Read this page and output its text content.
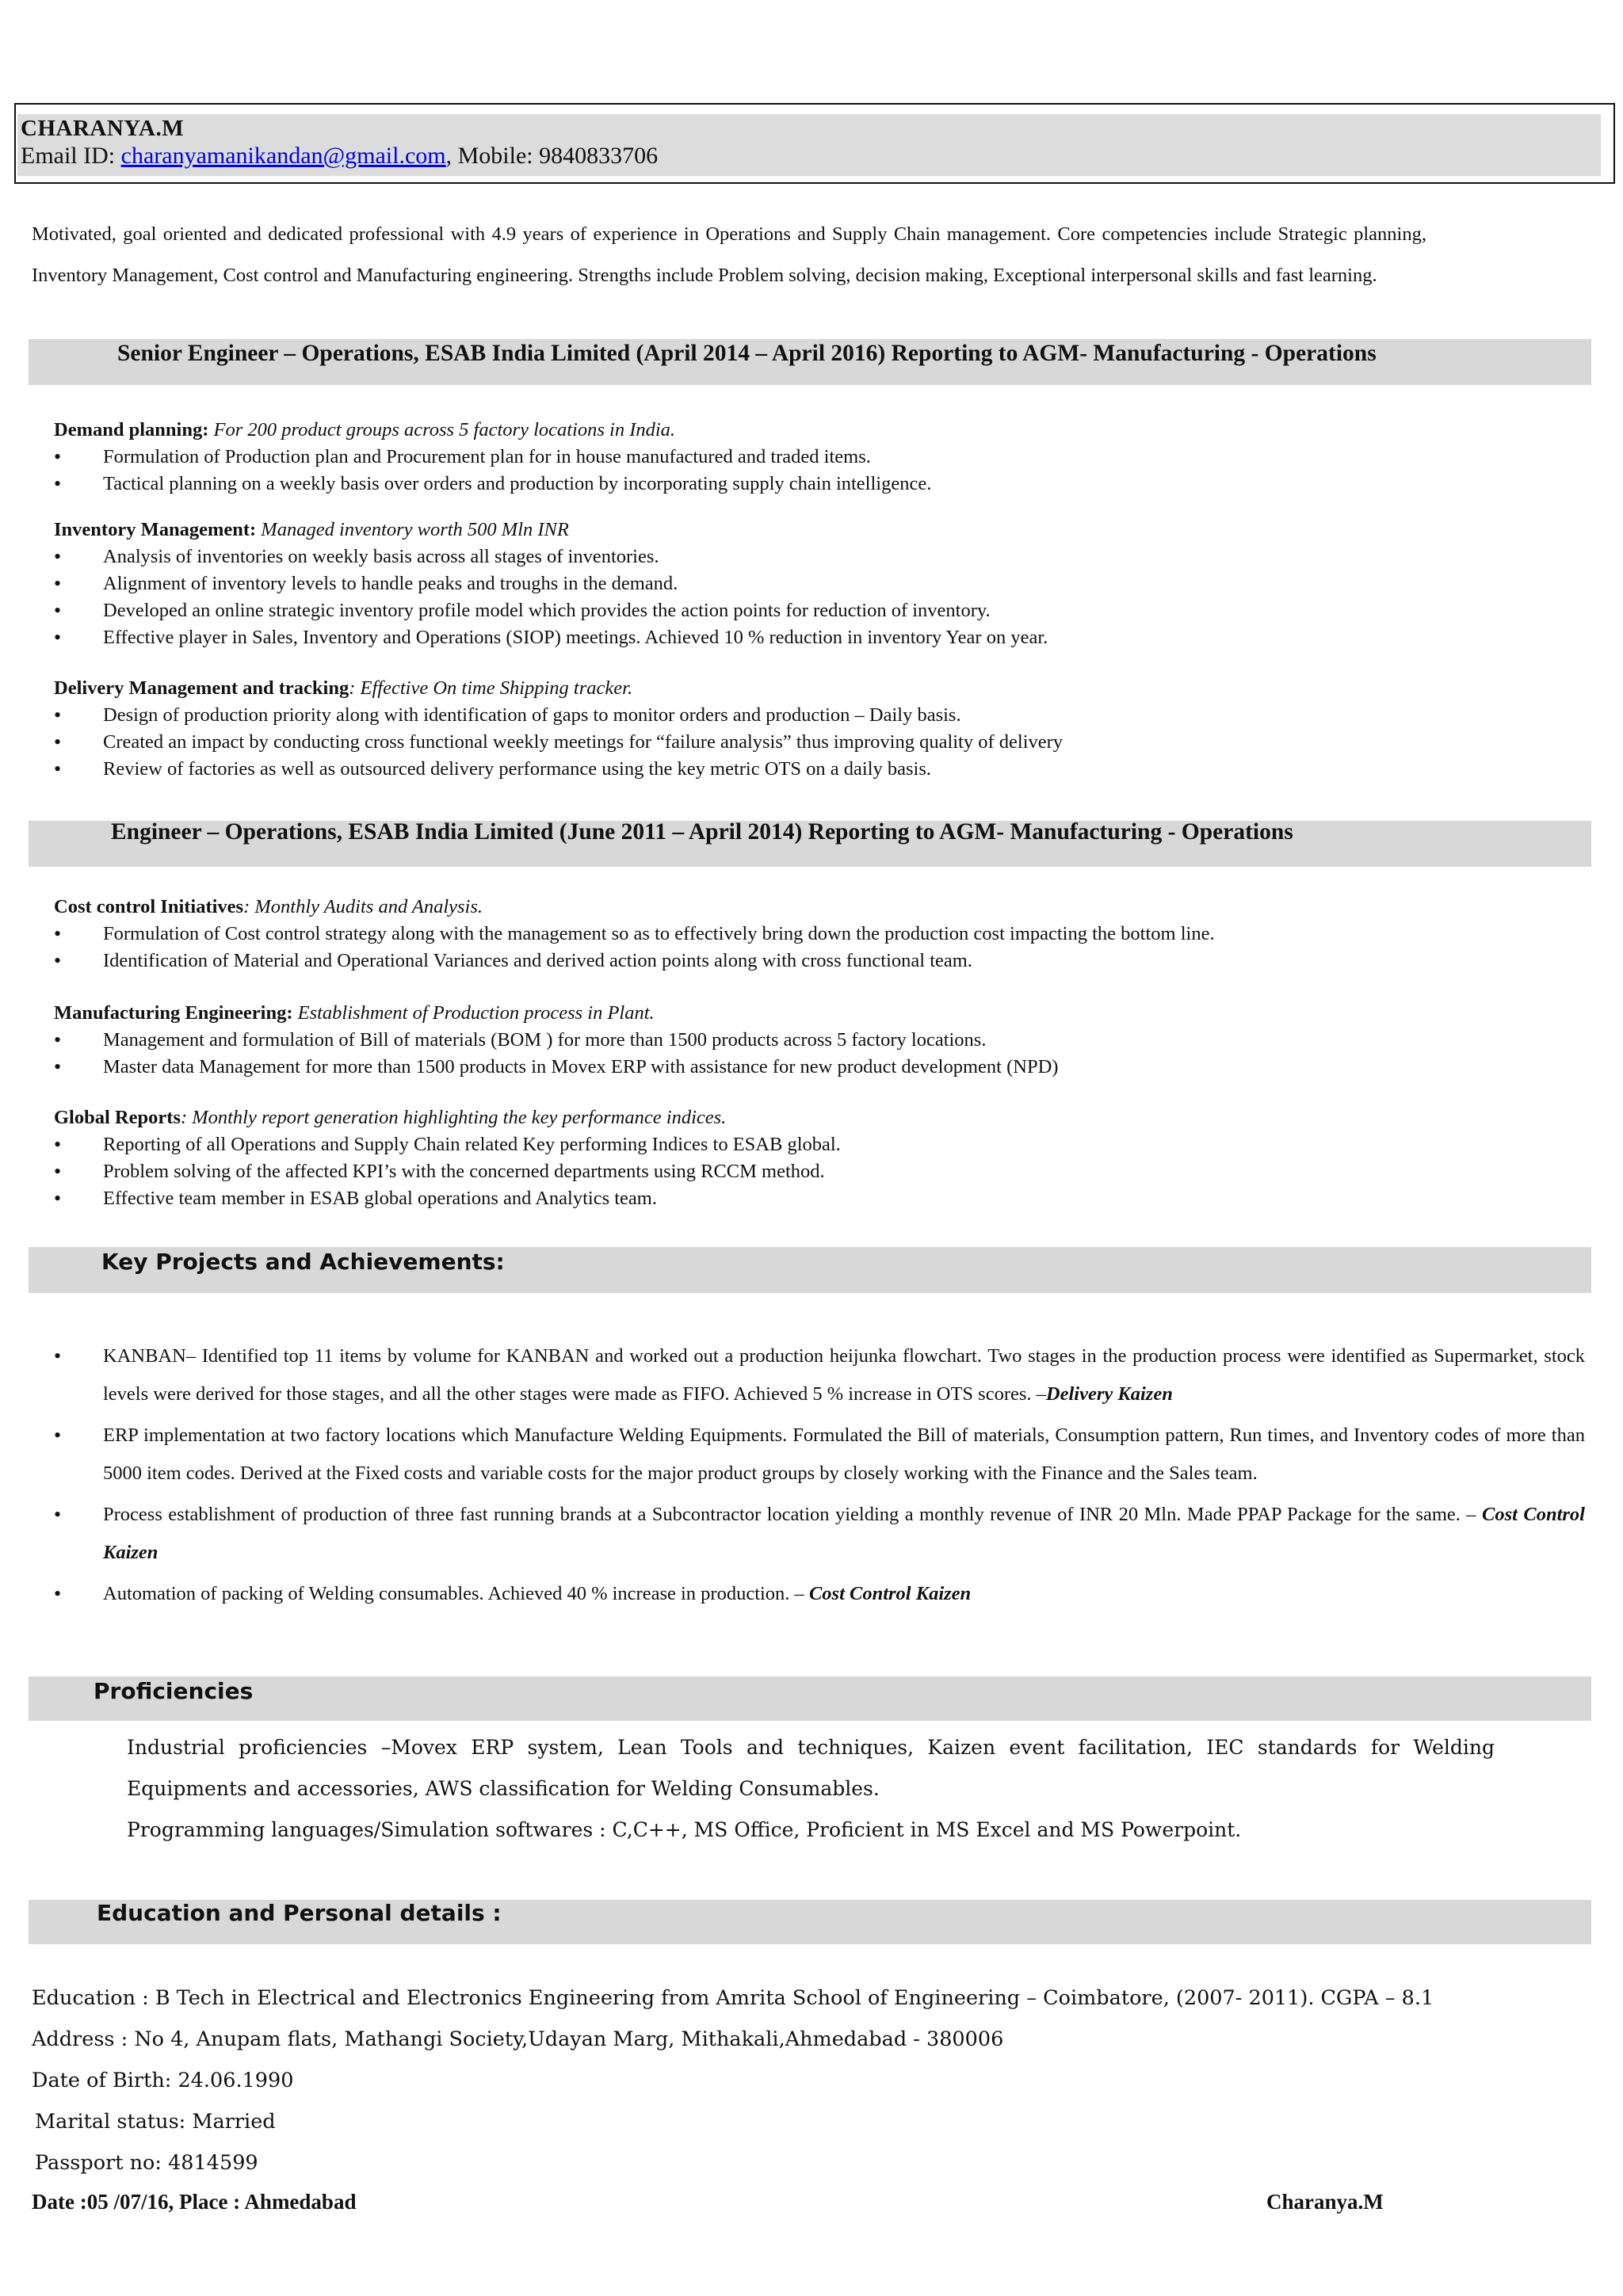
CHARANYA.M
Email ID: charanyamanikandan@gmail.com, Mobile: 9840833706
Motivated, goal oriented and dedicated professional with 4.9 years of experience in Operations and Supply Chain management. Core competencies include Strategic planning, Inventory Management, Cost control and Manufacturing engineering. Strengths include Problem solving, decision making, Exceptional interpersonal skills and fast learning.
Senior Engineer – Operations, ESAB India Limited (April 2014 – April 2016) Reporting to AGM- Manufacturing - Operations
Demand planning: For 200 product groups across 5 factory locations in India.
• Formulation of Production plan and Procurement plan for in house manufactured and traded items.
• Tactical planning on a weekly basis over orders and production by incorporating supply chain intelligence.
Inventory Management: Managed inventory worth 500 Mln INR
• Analysis of inventories on weekly basis across all stages of inventories.
• Alignment of inventory levels to handle peaks and troughs in the demand.
• Developed an online strategic inventory profile model which provides the action points for reduction of inventory.
• Effective player in Sales, Inventory and Operations (SIOP) meetings. Achieved 10 % reduction in inventory Year on year.
Delivery Management and tracking: Effective On time Shipping tracker.
• Design of production priority along with identification of gaps to monitor orders and production – Daily basis.
• Created an impact by conducting cross functional weekly meetings for “failure analysis” thus improving quality of delivery
• Review of factories as well as outsourced delivery performance using the key metric OTS on a daily basis.
Engineer – Operations, ESAB India Limited (June 2011 – April 2014) Reporting to AGM- Manufacturing - Operations
Cost control Initiatives: Monthly Audits and Analysis.
• Formulation of Cost control strategy along with the management so as to effectively bring down the production cost impacting the bottom line.
• Identification of Material and Operational Variances and derived action points along with cross functional team.
Manufacturing Engineering: Establishment of Production process in Plant.
• Management and formulation of Bill of materials (BOM ) for more than 1500 products across 5 factory locations.
• Master data Management for more than 1500 products in Movex ERP with assistance for new product development (NPD)
Global Reports: Monthly report generation highlighting the key performance indices.
• Reporting of all Operations and Supply Chain related Key performing Indices to ESAB global.
• Problem solving of the affected KPI’s with the concerned departments using RCCM method.
• Effective team member in ESAB global operations and Analytics team.
Key Projects and Achievements:
• KANBAN– Identified top 11 items by volume for KANBAN and worked out a production heijunka flowchart. Two stages in the production process were identified as Supermarket, stock levels were derived for those stages, and all the other stages were made as FIFO. Achieved 5 % increase in OTS scores. –Delivery Kaizen
• ERP implementation at two factory locations which Manufacture Welding Equipments. Formulated the Bill of materials, Consumption pattern, Run times, and Inventory codes of more than 5000 item codes. Derived at the Fixed costs and variable costs for the major product groups by closely working with the Finance and the Sales team.
• Process establishment of production of three fast running brands at a Subcontractor location yielding a monthly revenue of INR 20 Mln. Made PPAP Package for the same. – Cost Control Kaizen
• Automation of packing of Welding consumables. Achieved 40 % increase in production. – Cost Control Kaizen
Proficiencies
Industrial proficiencies –Movex ERP system, Lean Tools and techniques, Kaizen event facilitation, IEC standards for Welding Equipments and accessories, AWS classification for Welding Consumables.
Programming languages/Simulation softwares : C,C++, MS Office, Proficient in MS Excel and MS Powerpoint.
Education and Personal details :
Education : B Tech in Electrical and Electronics Engineering from Amrita School of Engineering – Coimbatore, (2007- 2011). CGPA – 8.1
Address : No 4, Anupam flats, Mathangi Society,Udayan Marg, Mithakali,Ahmedabad - 380006
Date of Birth: 24.06.1990
Marital status: Married
Passport no: 4814599
Date :05 /07/16, Place : Ahmedabad	Charanya.M
